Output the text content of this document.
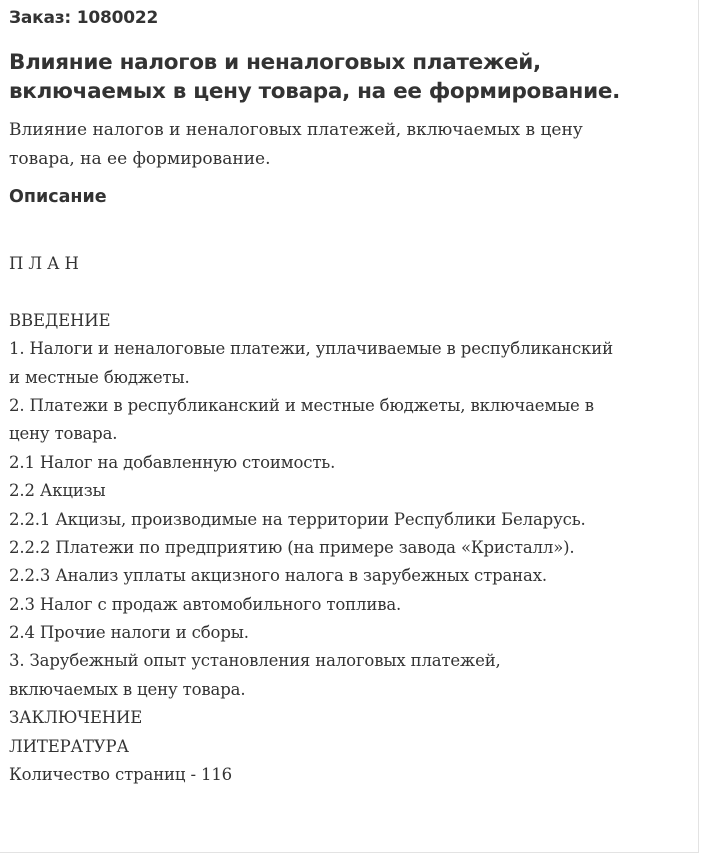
Заказ: 1080022
Влияние налогов и неналоговых платежей,
включаемых в цену товара, на ее формирование.
Влияние налогов и неналоговых платежей, включаемых в цену
товара, на ее формирование.
Описание
П Л А Н
ВВЕДЕНИЕ
1. Налоги и неналоговые платежи, уплачиваемые в республиканский
и местные бюджеты.
2. Платежи в республиканский и местные бюджеты, включаемые в
цену товара.
2.1 Налог на добавленную стоимость.
2.2 Акцизы
2.2.1 Акцизы, производимые на территории Республики Беларусь.
2.2.2 Платежи по предприятию (на примере завода «Кристалл»).
2.2.3 Анализ уплаты акцизного налога в зарубежных странах.
2.3 Налог с продаж автомобильного топлива.
2.4 Прочие налоги и сборы.
3. Зарубежный опыт установления налоговых платежей,
включаемых в цену товара.
ЗАКЛЮЧЕНИЕ
ЛИТЕРАТУРА
Количество страниц - 116
